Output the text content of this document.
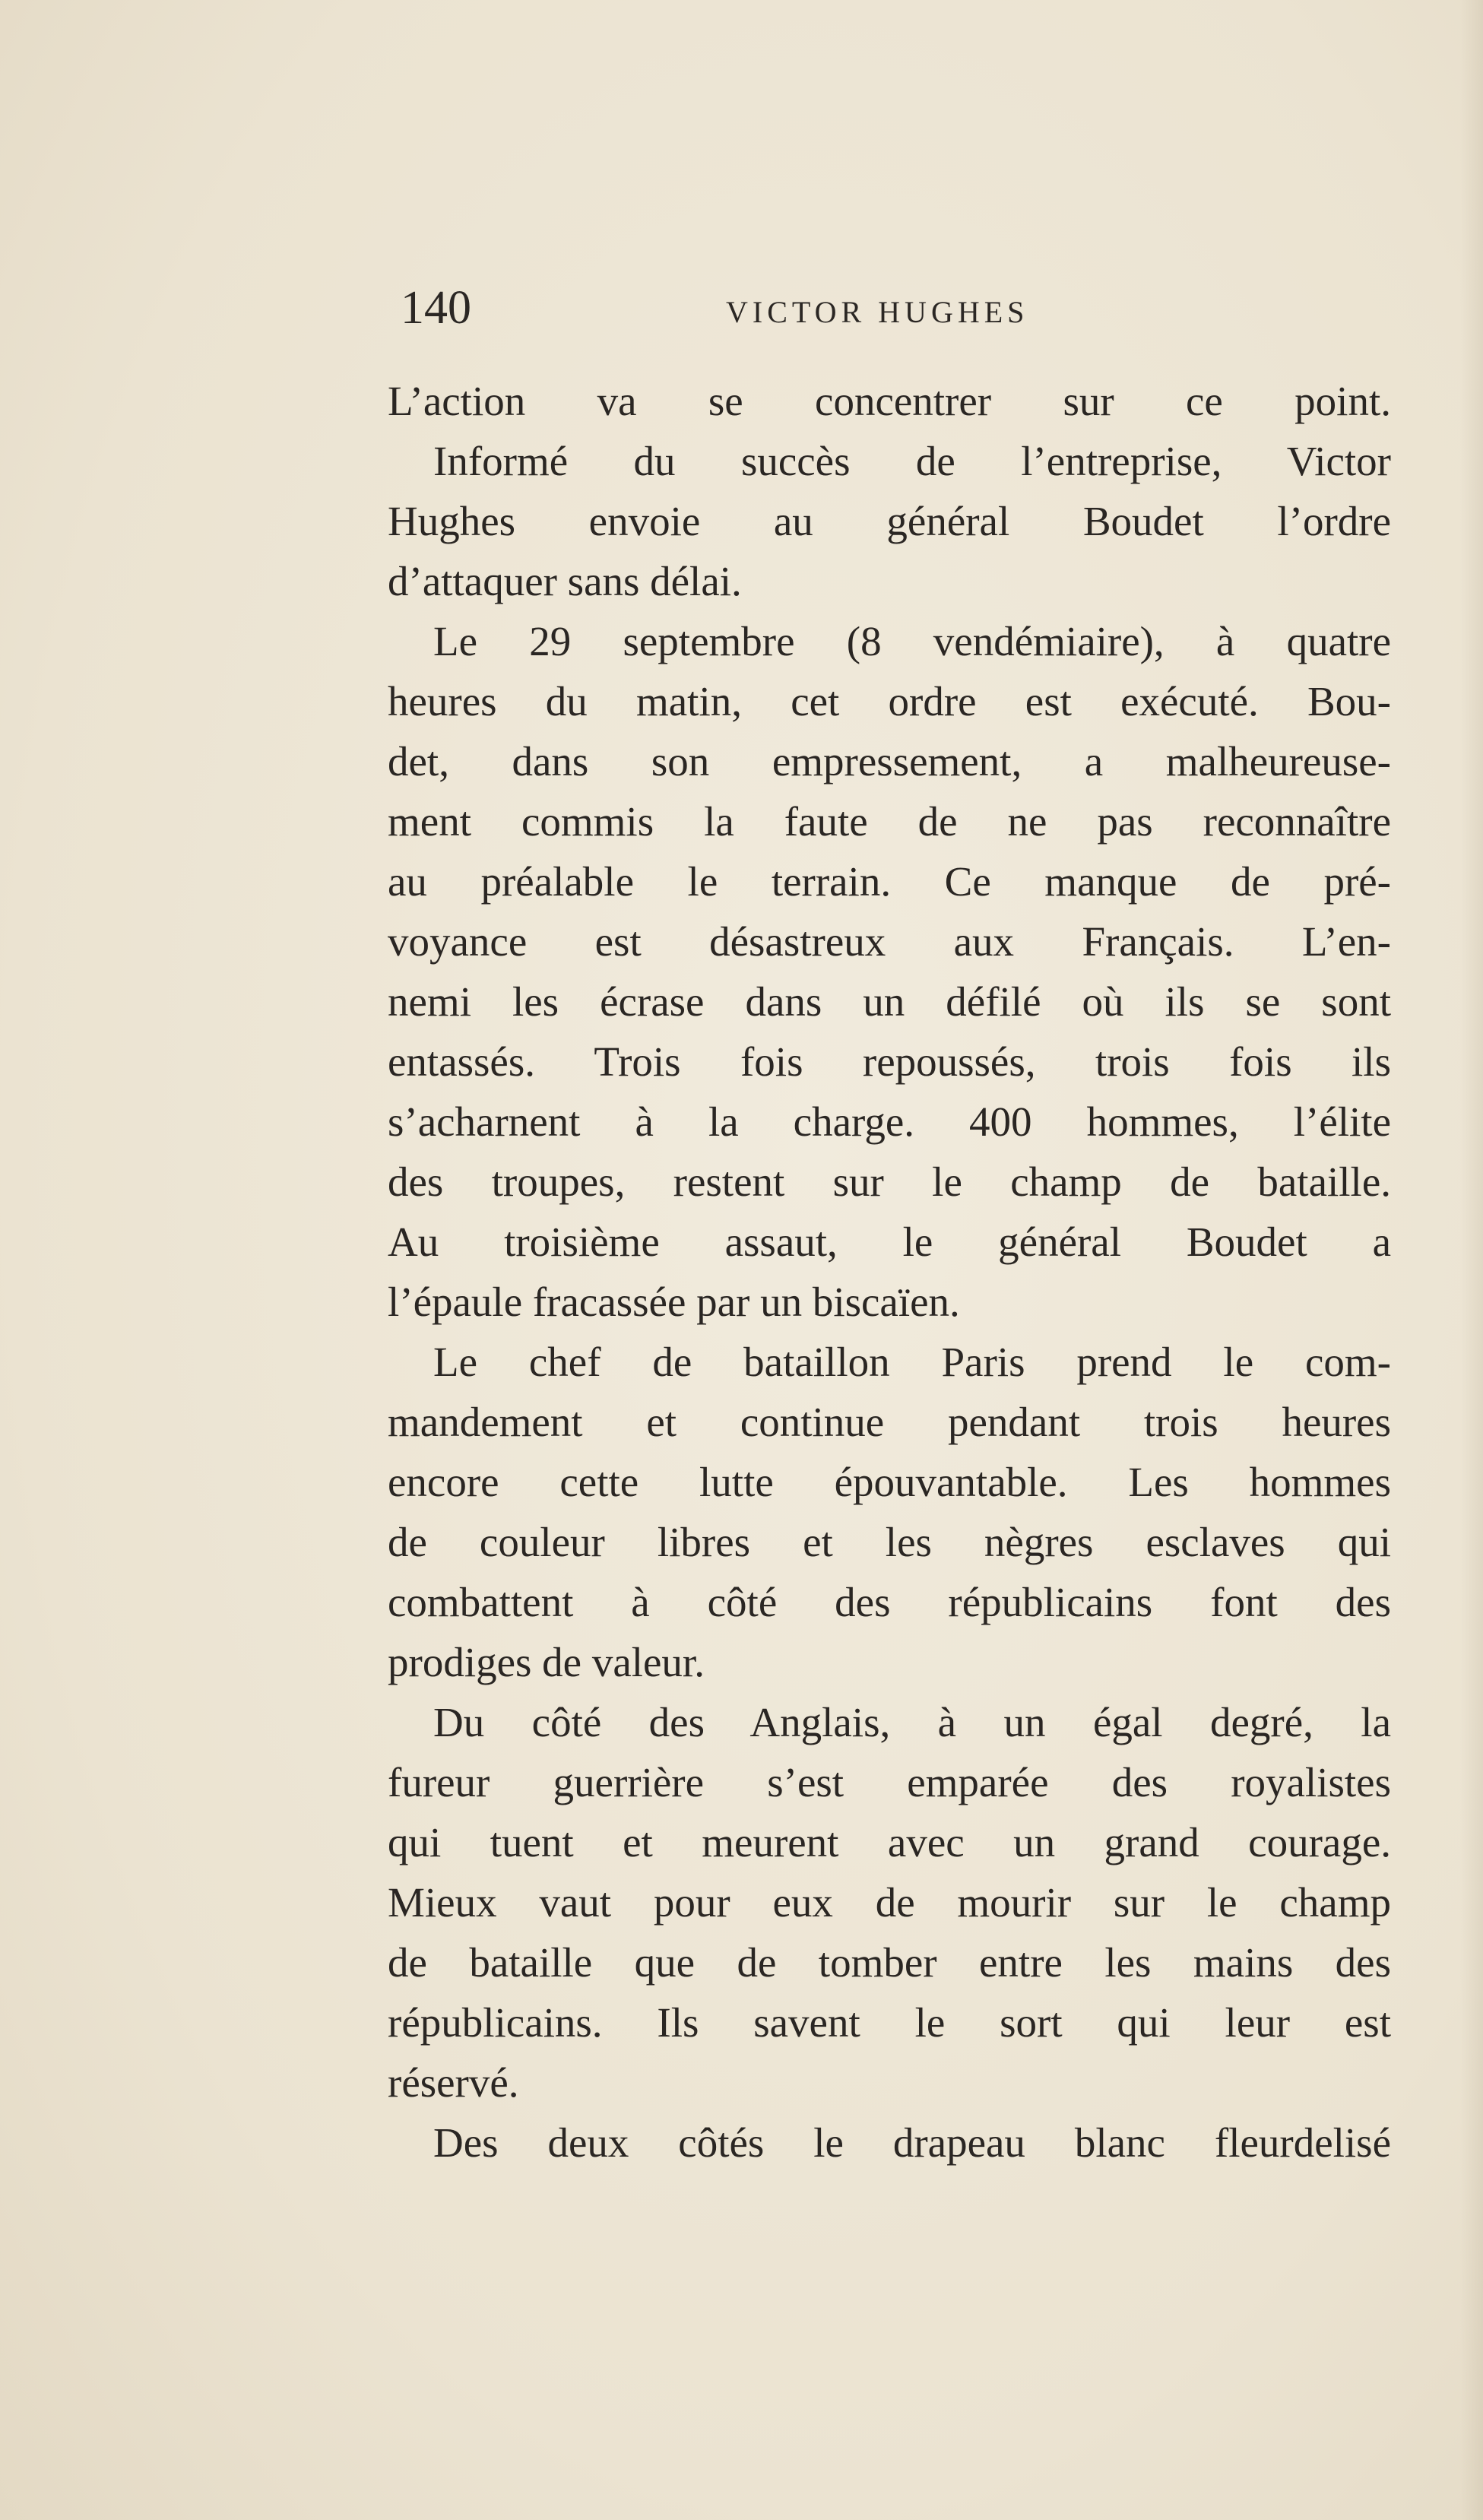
140	VICTOR HUGHES
L’action va se concentrer sur ce point.
Informé du succès de l’entreprise, Victor
Hughes envoie au général Boudet l’ordre
d’attaquer sans délai.
Le 29 septembre (8 vendémiaire), à quatre
heures du matin, cet ordre est exécuté. Bou-
det, dans son empressement, a malheureuse-
ment commis la faute de ne pas reconnaître
au préalable le terrain. Ce manque de pré-
voyance est désastreux aux Français. L’en-
nemi les écrase dans un défilé où ils se sont
entassés. Trois fois repoussés, trois fois ils
s’acharnent à la charge. 400 hommes, l’élite
des troupes, restent sur le champ de bataille.
Au troisième assaut, le général Boudet a
l’épaule fracassée par un biscaïen.
Le chef de bataillon Paris prend le com-
mandement et continue pendant trois heures
encore cette lutte épouvantable. Les hommes
de couleur libres et les nègres esclaves qui
combattent à côté des républicains font des
prodiges de valeur.
Du côté des Anglais, à un égal degré, la
fureur guerrière s’est emparée des royalistes
qui tuent et meurent avec un grand courage.
Mieux vaut pour eux de mourir sur le champ
de bataille que de tomber entre les mains des
républicains. Ils savent le sort qui leur est
réservé.
Des deux côtés le drapeau blanc fleurdelisé
